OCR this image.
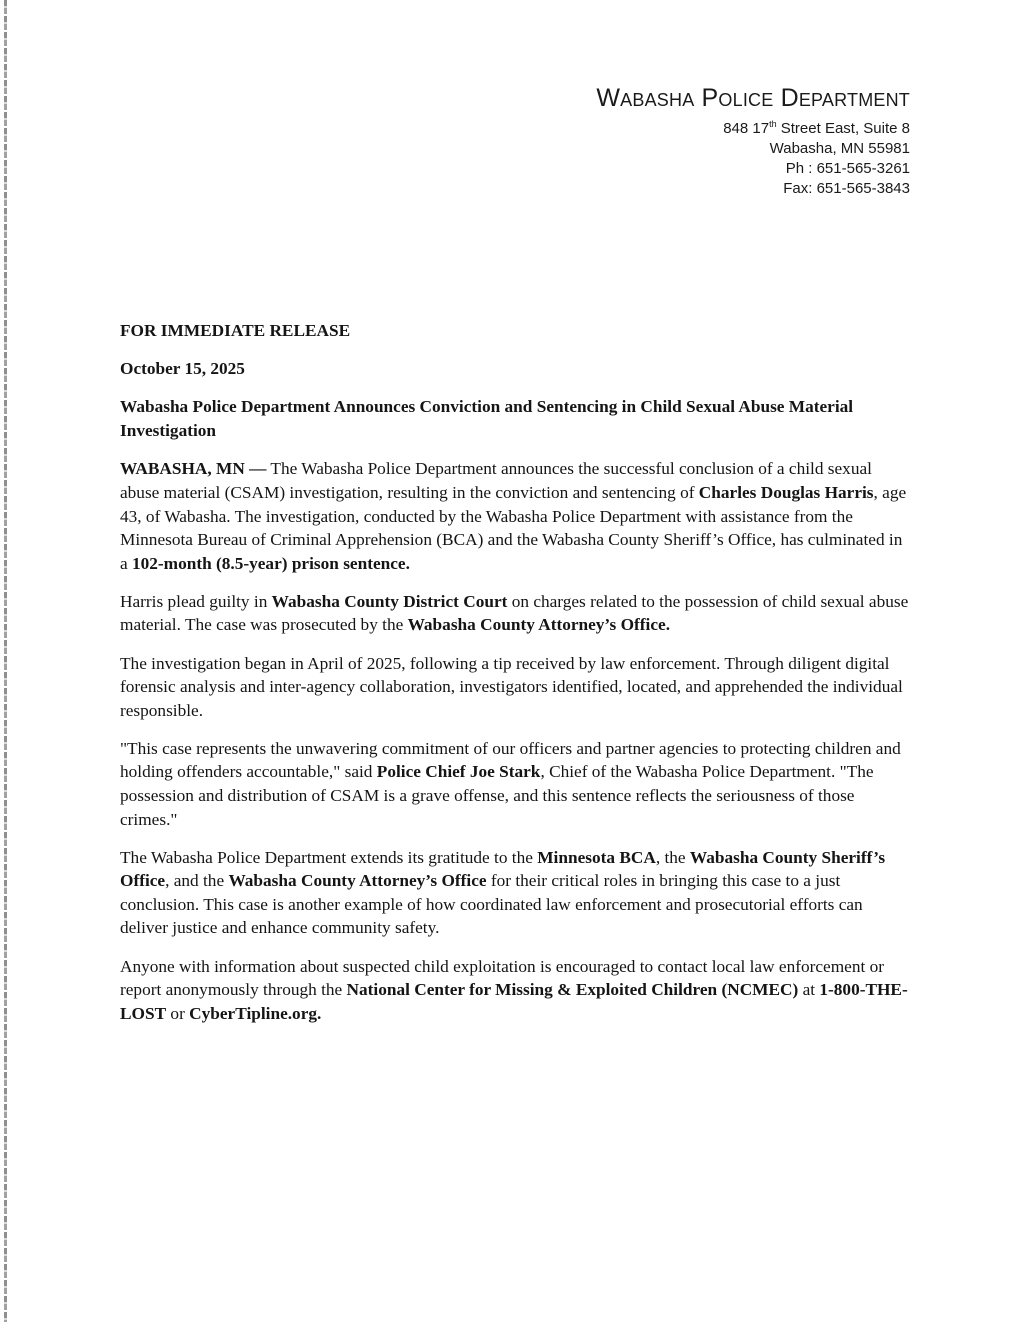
Wabasha Police Department
848 17th Street East, Suite 8
Wabasha, MN 55981
Ph : 651-565-3261
Fax: 651-565-3843

FOR IMMEDIATE RELEASE

October 15, 2025

Wabasha Police Department Announces Conviction and Sentencing in Child Sexual Abuse Material Investigation

WABASHA, MN — The Wabasha Police Department announces the successful conclusion of a child sexual abuse material (CSAM) investigation, resulting in the conviction and sentencing of Charles Douglas Harris, age 43, of Wabasha. The investigation, conducted by the Wabasha Police Department with assistance from the Minnesota Bureau of Criminal Apprehension (BCA) and the Wabasha County Sheriff’s Office, has culminated in a 102-month (8.5-year) prison sentence.

Harris plead guilty in Wabasha County District Court on charges related to the possession of child sexual abuse material. The case was prosecuted by the Wabasha County Attorney’s Office.

The investigation began in April of 2025, following a tip received by law enforcement. Through diligent digital forensic analysis and inter-agency collaboration, investigators identified, located, and apprehended the individual responsible.

"This case represents the unwavering commitment of our officers and partner agencies to protecting children and holding offenders accountable," said Police Chief Joe Stark, Chief of the Wabasha Police Department. "The possession and distribution of CSAM is a grave offense, and this sentence reflects the seriousness of those crimes."

The Wabasha Police Department extends its gratitude to the Minnesota BCA, the Wabasha County Sheriff’s Office, and the Wabasha County Attorney’s Office for their critical roles in bringing this case to a just conclusion. This case is another example of how coordinated law enforcement and prosecutorial efforts can deliver justice and enhance community safety.

Anyone with information about suspected child exploitation is encouraged to contact local law enforcement or report anonymously through the National Center for Missing & Exploited Children (NCMEC) at 1-800-THE-LOST or CyberTipline.org.
